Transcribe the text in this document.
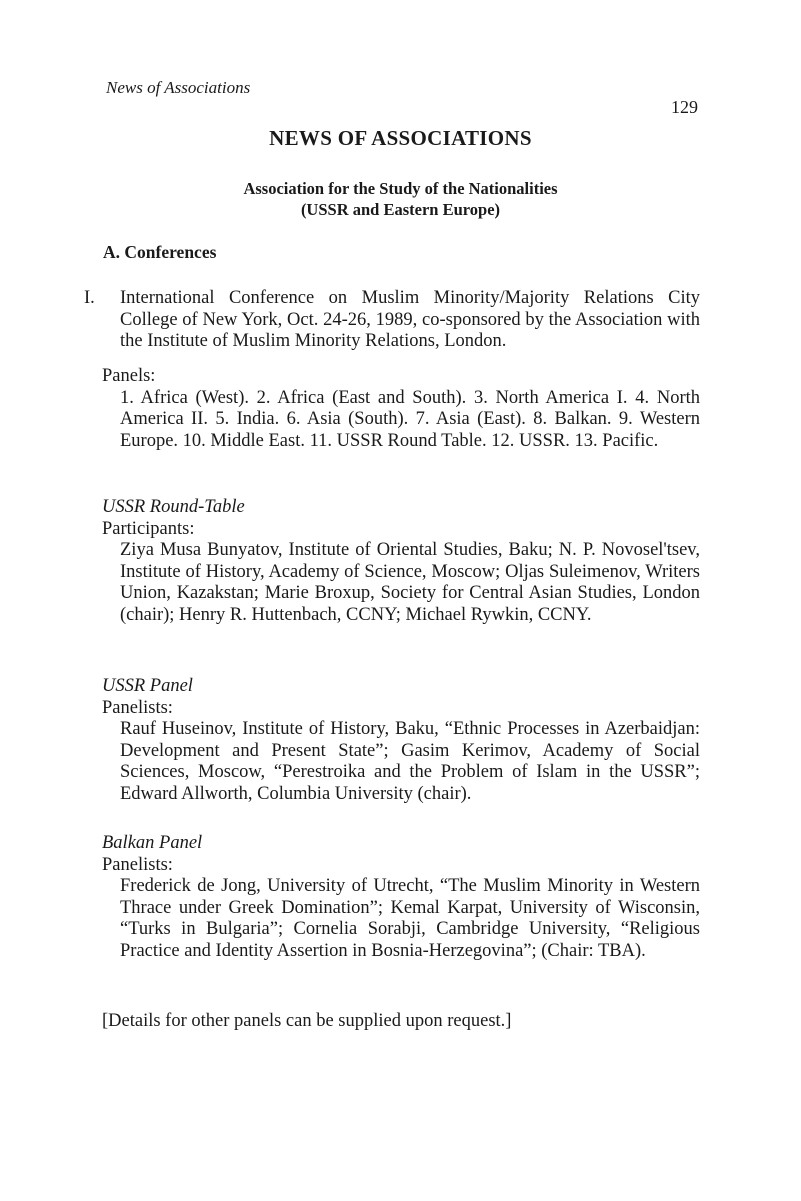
News of Associations
129
NEWS OF ASSOCIATIONS
Association for the Study of the Nationalities
(USSR and Eastern Europe)
A. Conferences
I. International Conference on Muslim Minority/Majority Relations City College of New York, Oct. 24-26, 1989, co-sponsored by the Association with the Institute of Muslim Minority Relations, London.
Panels:
1. Africa (West). 2. Africa (East and South). 3. North America I. 4. North America II. 5. India. 6. Asia (South). 7. Asia (East). 8. Balkan. 9. Western Europe. 10. Middle East. 11. USSR Round Table. 12. USSR. 13. Pacific.
USSR Round-Table
Participants:
Ziya Musa Bunyatov, Institute of Oriental Studies, Baku; N. P. Novosel'tsev, Institute of History, Academy of Science, Moscow; Oljas Suleimenov, Writers Union, Kazakstan; Marie Broxup, Society for Central Asian Studies, London (chair); Henry R. Huttenbach, CCNY; Michael Rywkin, CCNY.
USSR Panel
Panelists:
Rauf Huseinov, Institute of History, Baku, “Ethnic Processes in Azerbaidjan: Development and Present State”; Gasim Kerimov, Academy of Social Sciences, Moscow, “Perestroika and the Problem of Islam in the USSR”; Edward Allworth, Columbia University (chair).
Balkan Panel
Panelists:
Frederick de Jong, University of Utrecht, “The Muslim Minority in Western Thrace under Greek Domination”; Kemal Karpat, University of Wisconsin, “Turks in Bulgaria”; Cornelia Sorabji, Cambridge University, “Religious Practice and Identity Assertion in Bosnia-Herzegovina”; (Chair: TBA).
[Details for other panels can be supplied upon request.]
